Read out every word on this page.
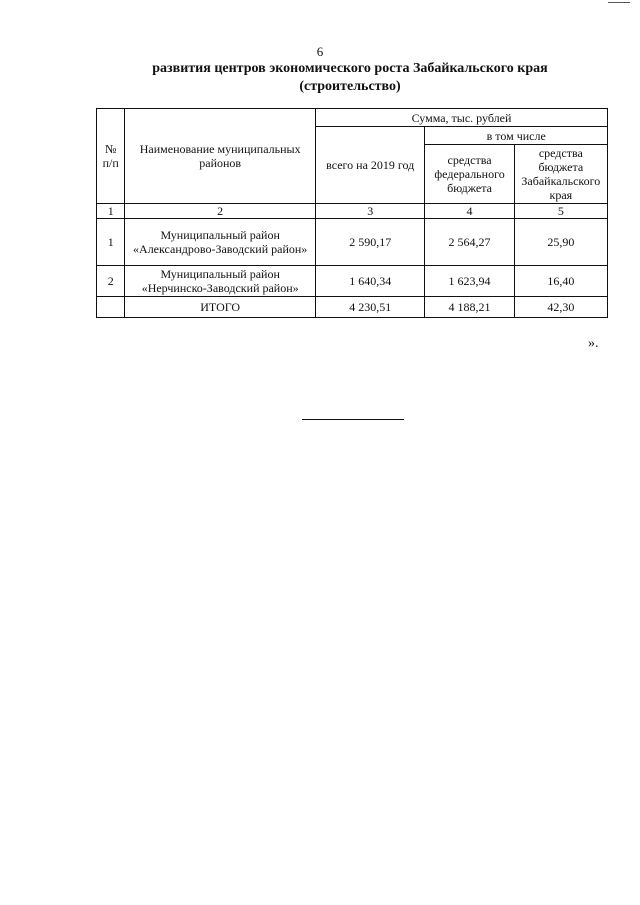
6
развития центров экономического роста Забайкальского края
(строительство)
№ п/п	Наименование муниципальных районов	Сумма, тыс. рублей		
		всего на 2019 год	в том числе	
			средства федерального бюджета	средства бюджета Забайкальского края
1	2	3	4	5
1	Муниципальный район «Александрово-Заводский район»	2 590,17	2 564,27	25,90
2	Муниципальный район «Нерчинско-Заводский район»	1 640,34	1 623,94	16,40
	ИТОГО	4 230,51	4 188,21	42,30
».
